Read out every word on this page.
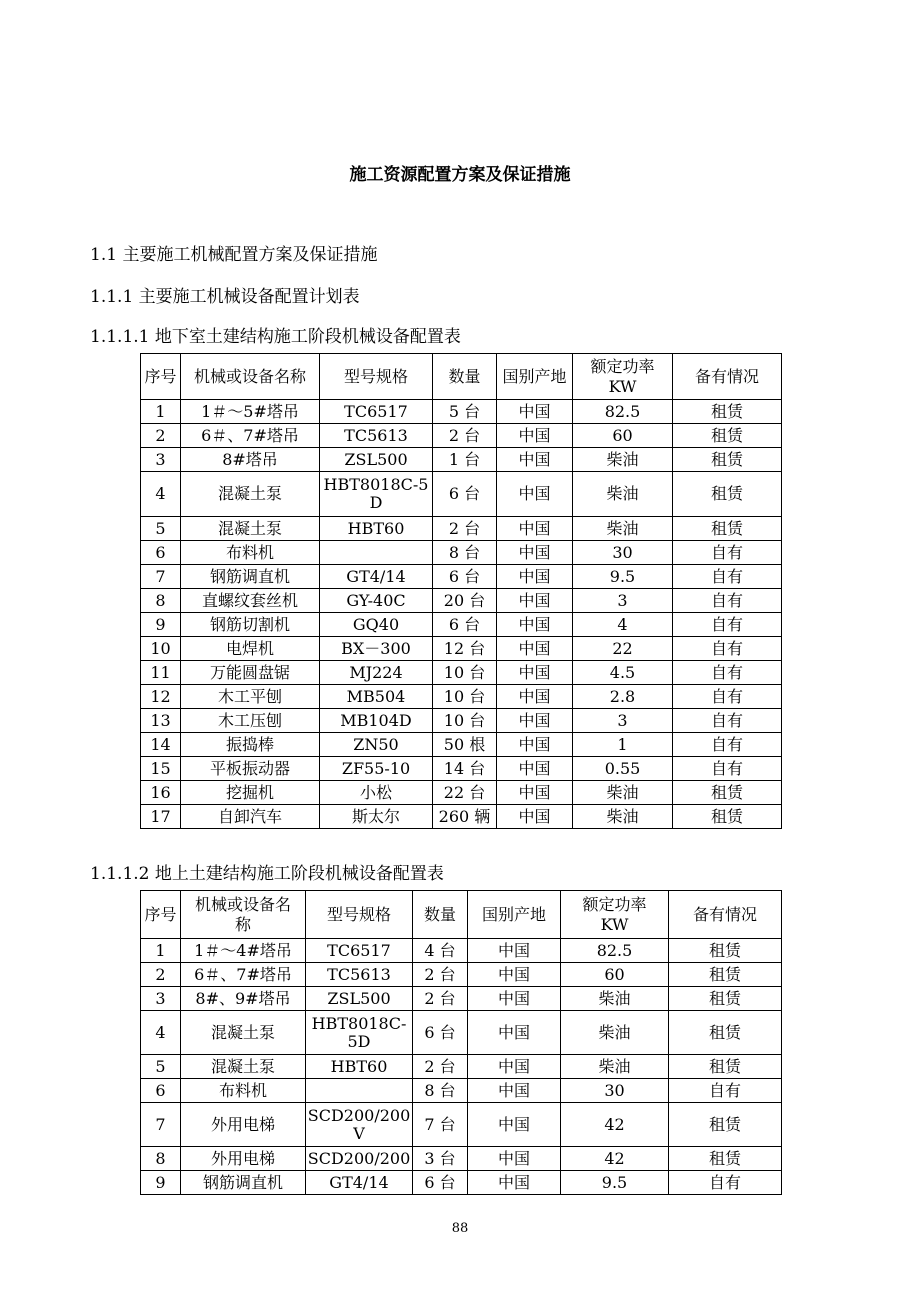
施工资源配置方案及保证措施
1.1 主要施工机械配置方案及保证措施
1.1.1 主要施工机械设备配置计划表
1.1.1.1 地下室土建结构施工阶段机械设备配置表
序号	机械或设备名称	型号规格	数量	国别产地	额定功率KW	备有情况
1	1＃～5#塔吊	TC6517	5 台	中国	82.5	租赁
2	6＃、7#塔吊	TC5613	2 台	中国	60	租赁
3	8#塔吊	ZSL500	1 台	中国	柴油	租赁
4	混凝土泵	HBT8018C-5D	6 台	中国	柴油	租赁
5	混凝土泵	HBT60	2 台	中国	柴油	租赁
6	布料机		8 台	中国	30	自有
7	钢筋调直机	GT4/14	6 台	中国	9.5	自有
8	直螺纹套丝机	GY-40C	20 台	中国	3	自有
9	钢筋切割机	GQ40	6 台	中国	4	自有
10	电焊机	BX－300	12 台	中国	22	自有
11	万能圆盘锯	MJ224	10 台	中国	4.5	自有
12	木工平刨	MB504	10 台	中国	2.8	自有
13	木工压刨	MB104D	10 台	中国	3	自有
14	振捣棒	ZN50	50 根	中国	1	自有
15	平板振动器	ZF55-10	14 台	中国	0.55	自有
16	挖掘机	小松	22 台	中国	柴油	租赁
17	自卸汽车	斯太尔	260 辆	中国	柴油	租赁
1.1.1.2 地上土建结构施工阶段机械设备配置表
序号	机械或设备名称	型号规格	数量	国别产地	额定功率KW	备有情况
1	1＃～4#塔吊	TC6517	4 台	中国	82.5	租赁
2	6＃、7#塔吊	TC5613	2 台	中国	60	租赁
3	8#、9#塔吊	ZSL500	2 台	中国	柴油	租赁
4	混凝土泵	HBT8018C-5D	6 台	中国	柴油	租赁
5	混凝土泵	HBT60	2 台	中国	柴油	租赁
6	布料机		8 台	中国	30	自有
7	外用电梯	SCD200/200V	7 台	中国	42	租赁
8	外用电梯	SCD200/200	3 台	中国	42	租赁
9	钢筋调直机	GT4/14	6 台	中国	9.5	自有
88
